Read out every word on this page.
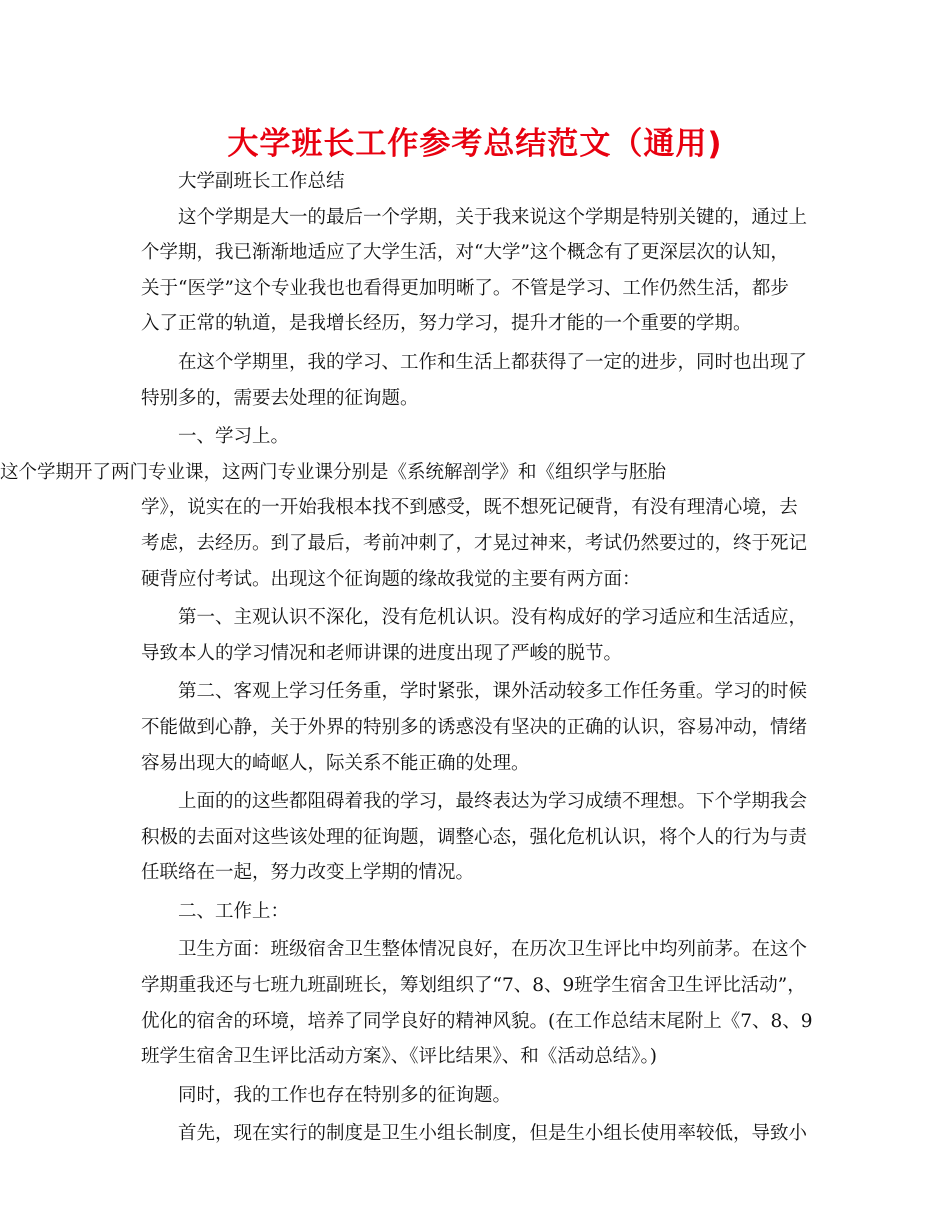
大学班长工作参考总结范文（通用)
大学副班长工作总结
这个学期是大一的最后一个学期，关于我来说这个学期是特别关键的，通过上
个学期，我已渐渐地适应了大学生活，对“大学”这个概念有了更深层次的认知，
关于“医学”这个专业我也也看得更加明晰了。不管是学习、工作仍然生活，都步
入了正常的轨道，是我增长经历，努力学习，提升才能的一个重要的学期。
在这个学期里，我的学习、工作和生活上都获得了一定的进步，同时也出现了
特别多的，需要去处理的征询题。
一、学习上。
这个学期开了两门专业课，这两门专业课分别是《系统解剖学》和《组织学与胚胎
学》，说实在的一开始我根本找不到感受，既不想死记硬背，有没有理清心境，去
考虑，去经历。到了最后，考前冲刺了，才晃过神来，考试仍然要过的，终于死记
硬背应付考试。出现这个征询题的缘故我觉的主要有两方面：
第一、主观认识不深化，没有危机认识。没有构成好的学习适应和生活适应，
导致本人的学习情况和老师讲课的进度出现了严峻的脱节。
第二、客观上学习任务重，学时紧张，课外活动较多工作任务重。学习的时候
不能做到心静，关于外界的特别多的诱惑没有坚决的正确的认识，容易冲动，情绪
容易出现大的崎岖人，际关系不能正确的处理。
上面的的这些都阻碍着我的学习，最终表达为学习成绩不理想。下个学期我会
积极的去面对这些该处理的征询题，调整心态，强化危机认识，将个人的行为与责
任联络在一起，努力改变上学期的情况。
二、工作上：
卫生方面：班级宿舍卫生整体情况良好，在历次卫生评比中均列前茅。在这个
学期重我还与七班九班副班长，筹划组织了“7、8、9班学生宿舍卫生评比活动”，
优化的宿舍的环境，培养了同学良好的精神风貌。(在工作总结末尾附上《7、8、9
班学生宿舍卫生评比活动方案》、《评比结果》、和《活动总结》。)
同时，我的工作也存在特别多的征询题。
首先，现在实行的制度是卫生小组长制度，但是生小组长使用率较低，导致小
